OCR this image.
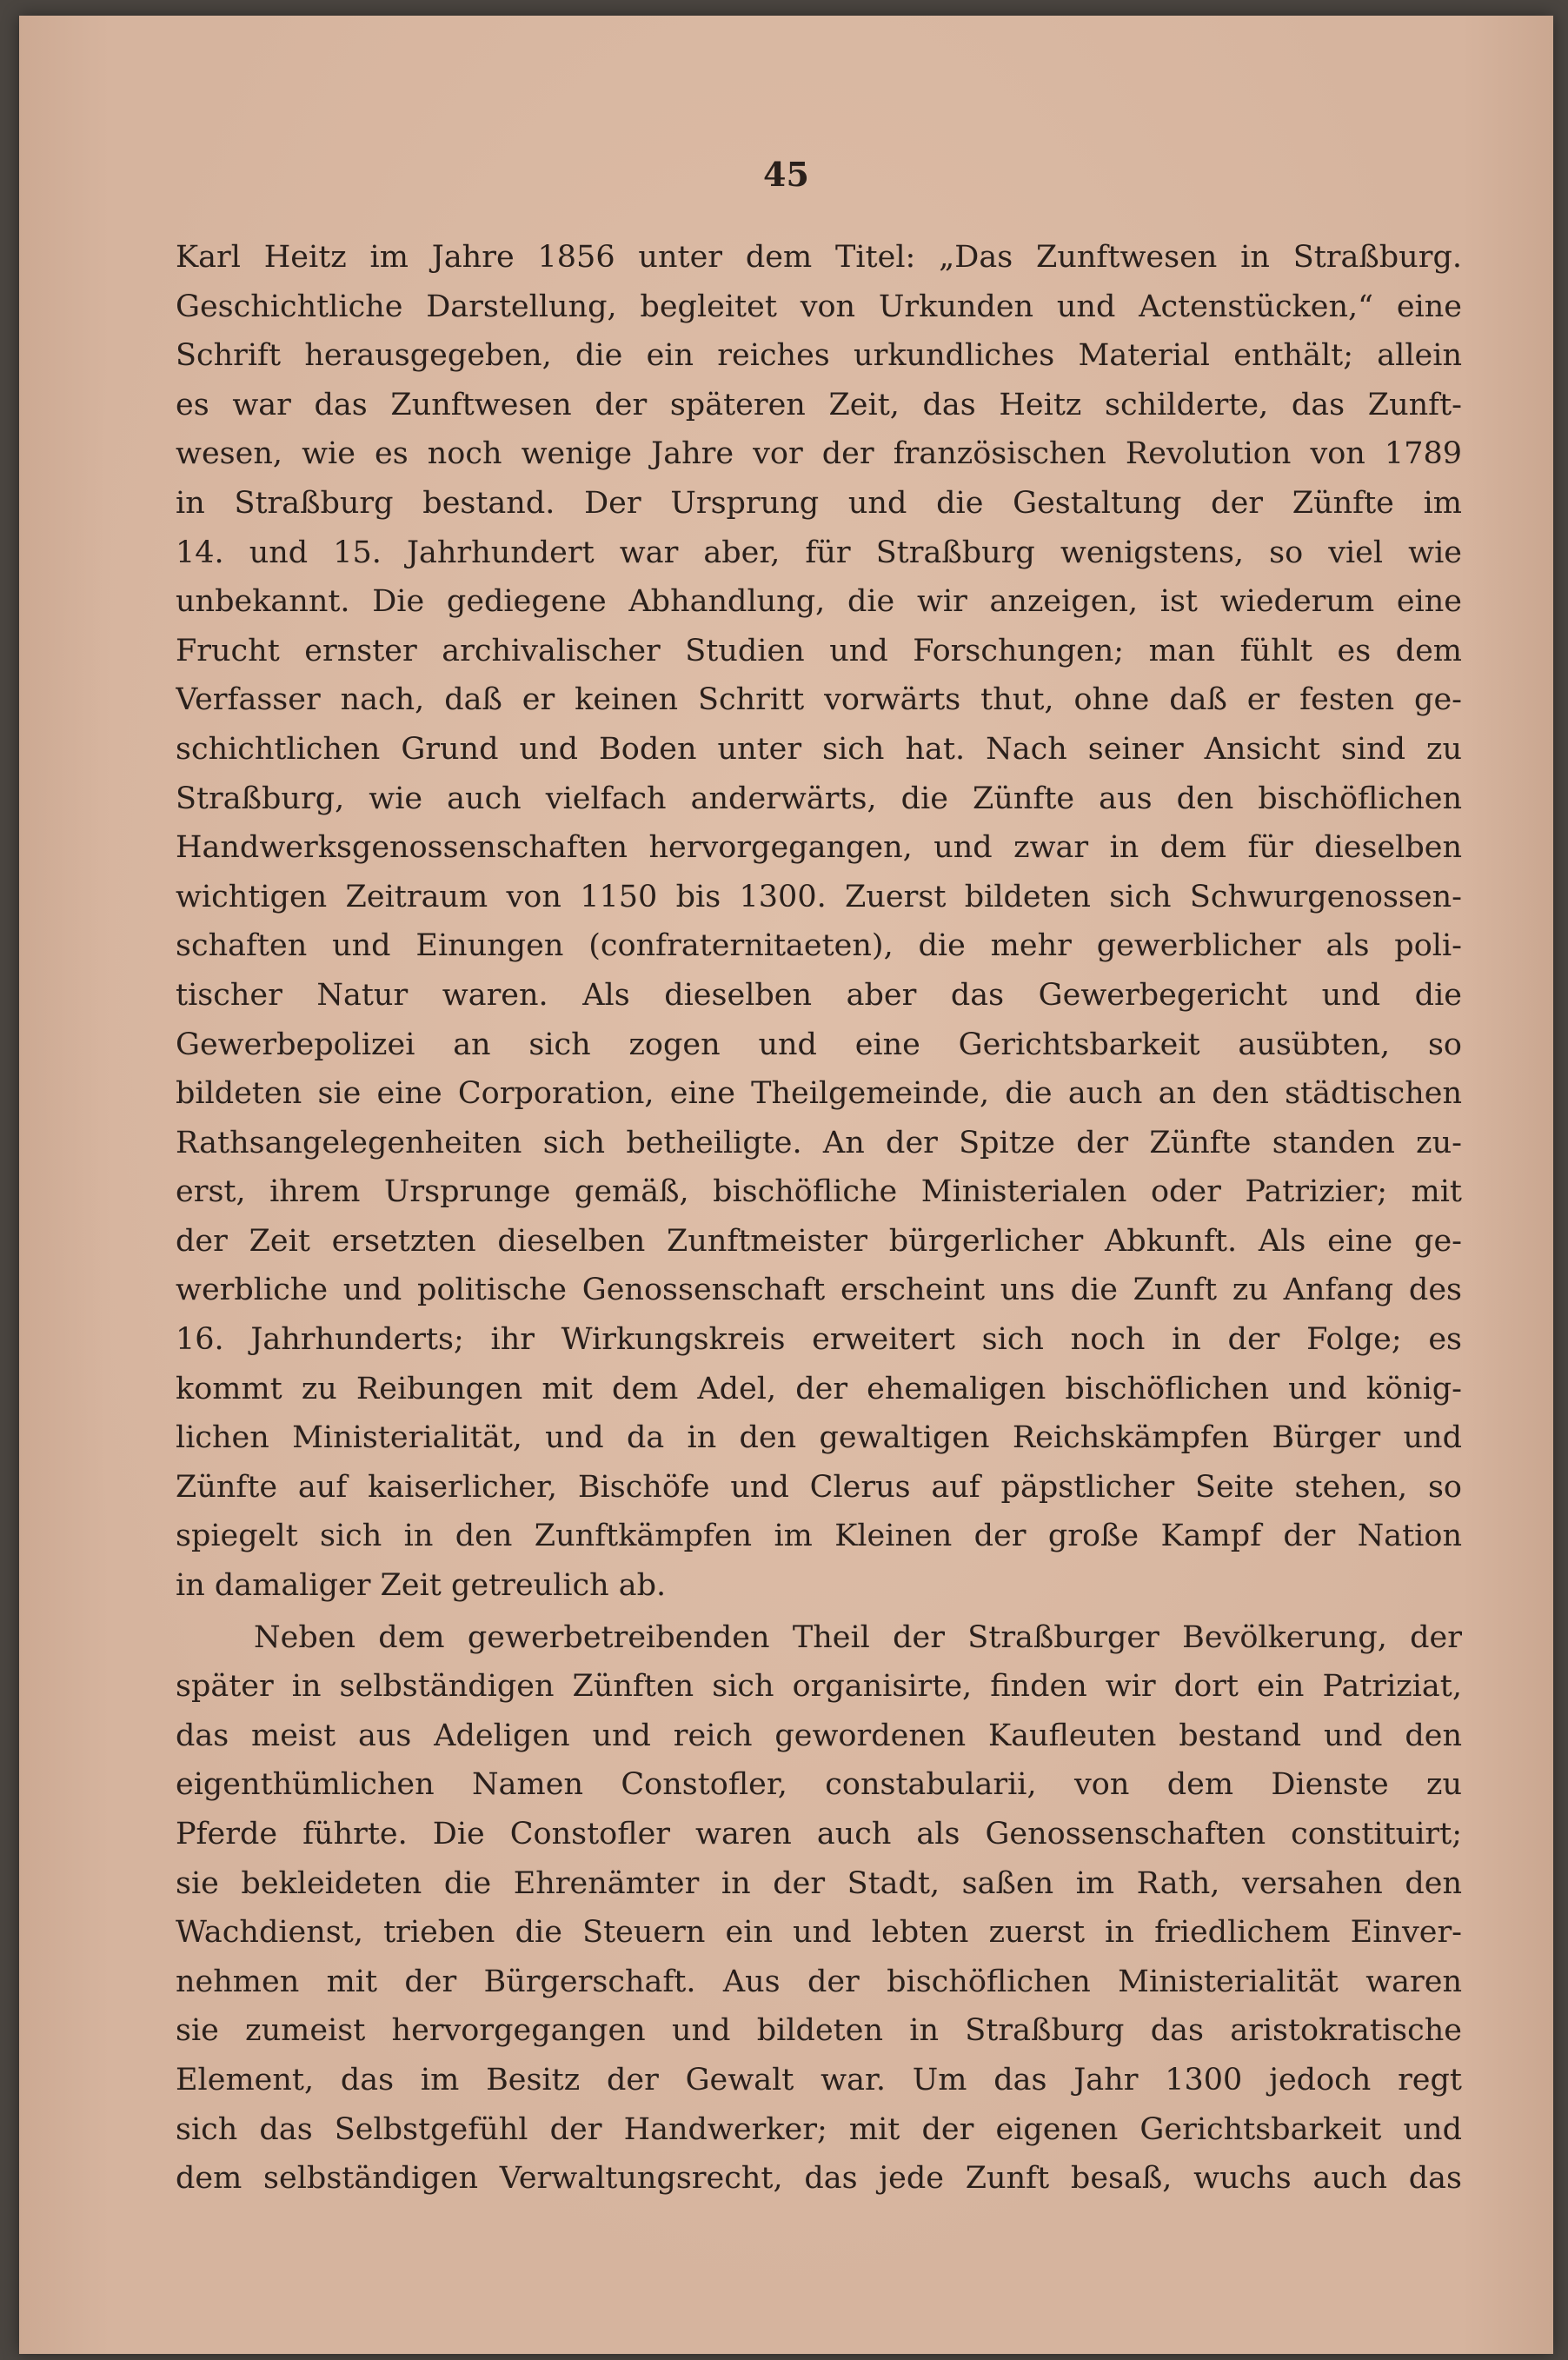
45
Karl Heitz im Jahre 1856 unter dem Titel: „Das Zunftwesen in Straßburg.
Geschichtliche Darstellung, begleitet von Urkunden und Actenstücken,“ eine
Schrift herausgegeben, die ein reiches urkundliches Material enthält; allein
es war das Zunftwesen der späteren Zeit, das Heitz schilderte, das Zunft-
wesen, wie es noch wenige Jahre vor der französischen Revolution von 1789
in Straßburg bestand. Der Ursprung und die Gestaltung der Zünfte im
14. und 15. Jahrhundert war aber, für Straßburg wenigstens, so viel wie
unbekannt. Die gediegene Abhandlung, die wir anzeigen, ist wiederum eine
Frucht ernster archivalischer Studien und Forschungen; man fühlt es dem
Verfasser nach, daß er keinen Schritt vorwärts thut, ohne daß er festen ge-
schichtlichen Grund und Boden unter sich hat. Nach seiner Ansicht sind zu
Straßburg, wie auch vielfach anderwärts, die Zünfte aus den bischöflichen
Handwerksgenossenschaften hervorgegangen, und zwar in dem für dieselben
wichtigen Zeitraum von 1150 bis 1300. Zuerst bildeten sich Schwurgenossen-
schaften und Einungen (confraternitaeten), die mehr gewerblicher als poli-
tischer Natur waren. Als dieselben aber das Gewerbegericht und die
Gewerbepolizei an sich zogen und eine Gerichtsbarkeit ausübten, so
bildeten sie eine Corporation, eine Theilgemeinde, die auch an den städtischen
Rathsangelegenheiten sich betheiligte. An der Spitze der Zünfte standen zu-
erst, ihrem Ursprunge gemäß, bischöfliche Ministerialen oder Patrizier; mit
der Zeit ersetzten dieselben Zunftmeister bürgerlicher Abkunft. Als eine ge-
werbliche und politische Genossenschaft erscheint uns die Zunft zu Anfang des
16. Jahrhunderts; ihr Wirkungskreis erweitert sich noch in der Folge; es
kommt zu Reibungen mit dem Adel, der ehemaligen bischöflichen und könig-
lichen Ministerialität, und da in den gewaltigen Reichskämpfen Bürger und
Zünfte auf kaiserlicher, Bischöfe und Clerus auf päpstlicher Seite stehen, so
spiegelt sich in den Zunftkämpfen im Kleinen der große Kampf der Nation
in damaliger Zeit getreulich ab.
Neben dem gewerbetreibenden Theil der Straßburger Bevölkerung, der
später in selbständigen Zünften sich organisirte, finden wir dort ein Patriziat,
das meist aus Adeligen und reich gewordenen Kaufleuten bestand und den
eigenthümlichen Namen Constofler, constabularii, von dem Dienste zu
Pferde führte. Die Constofler waren auch als Genossenschaften constituirt;
sie bekleideten die Ehrenämter in der Stadt, saßen im Rath, versahen den
Wachdienst, trieben die Steuern ein und lebten zuerst in friedlichem Einver-
nehmen mit der Bürgerschaft. Aus der bischöflichen Ministerialität waren
sie zumeist hervorgegangen und bildeten in Straßburg das aristokratische
Element, das im Besitz der Gewalt war. Um das Jahr 1300 jedoch regt
sich das Selbstgefühl der Handwerker; mit der eigenen Gerichtsbarkeit und
dem selbständigen Verwaltungsrecht, das jede Zunft besaß, wuchs auch das
